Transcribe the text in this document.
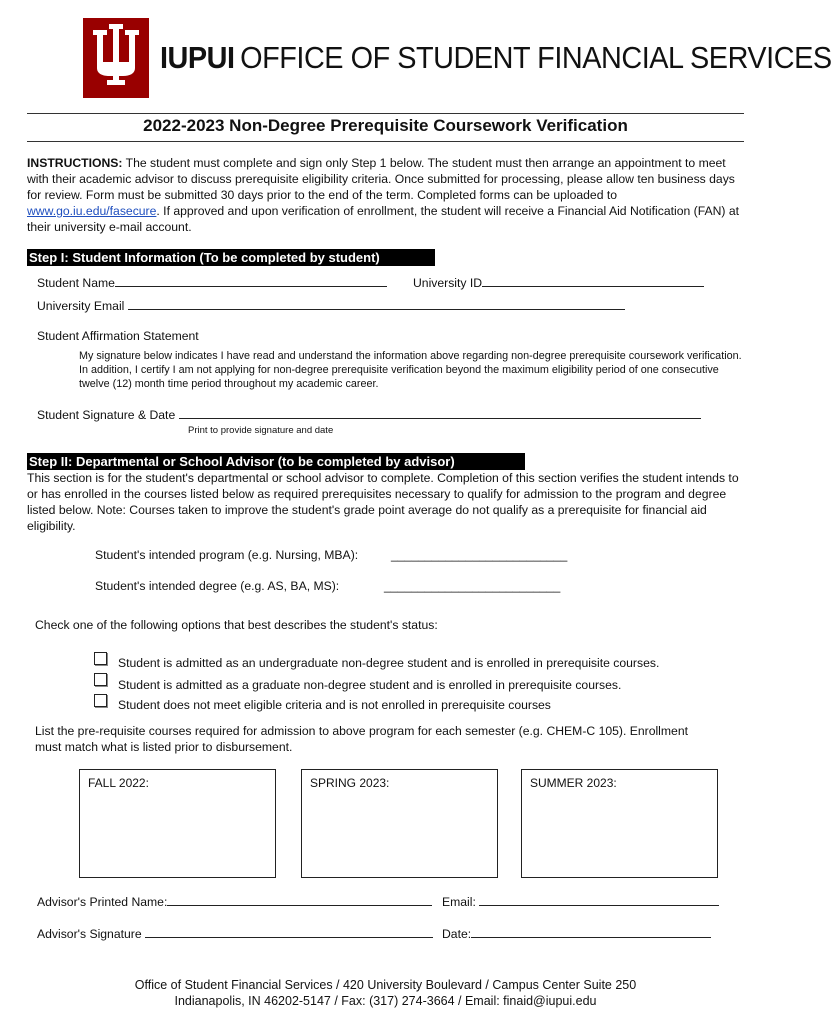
IUPUI OFFICE OF STUDENT FINANCIAL SERVICES
2022-2023 Non-Degree Prerequisite Coursework Verification
INSTRUCTIONS: The student must complete and sign only Step 1 below. The student must then arrange an appointment to meet with their academic advisor to discuss prerequisite eligibility criteria. Once submitted for processing, please allow ten business days for review. Form must be submitted 30 days prior to the end of the term. Completed forms can be uploaded to www.go.iu.edu/fasecure. If approved and upon verification of enrollment, the student will receive a Financial Aid Notification (FAN) at their university e-mail account.
Step I: Student Information (To be completed by student)
Student Name	University ID
University Email
Student Affirmation Statement
My signature below indicates I have read and understand the information above regarding non-degree prerequisite coursework verification. In addition, I certify I am not applying for non-degree prerequisite verification beyond the maximum eligibility period of one consecutive twelve (12) month time period throughout my academic career.
Student Signature & Date
Print to provide signature and date
Step II: Departmental or School Advisor (to be completed by advisor)
This section is for the student's departmental or school advisor to complete. Completion of this section verifies the student intends to or has enrolled in the courses listed below as required prerequisites necessary to qualify for admission to the program and degree listed below. Note: Courses taken to improve the student's grade point average do not qualify as a prerequisite for financial aid eligibility.
Student's intended program (e.g. Nursing, MBA):	__________________________
Student's intended degree (e.g. AS, BA, MS):	__________________________
Check one of the following options that best describes the student's status:
Student is admitted as an undergraduate non-degree student and is enrolled in prerequisite courses.
Student is admitted as a graduate non-degree student and is enrolled in prerequisite courses.
Student does not meet eligible criteria and is not enrolled in prerequisite courses
List the pre-requisite courses required for admission to above program for each semester (e.g. CHEM-C 105). Enrollment must match what is listed prior to disbursement.
FALL 2022:	SPRING 2023:	SUMMER 2023:
Advisor's Printed Name:	Email:
Advisor's Signature	Date:
Office of Student Financial Services / 420 University Boulevard / Campus Center Suite 250
Indianapolis, IN 46202-5147 / Fax: (317) 274-3664 / Email: finaid@iupui.edu
